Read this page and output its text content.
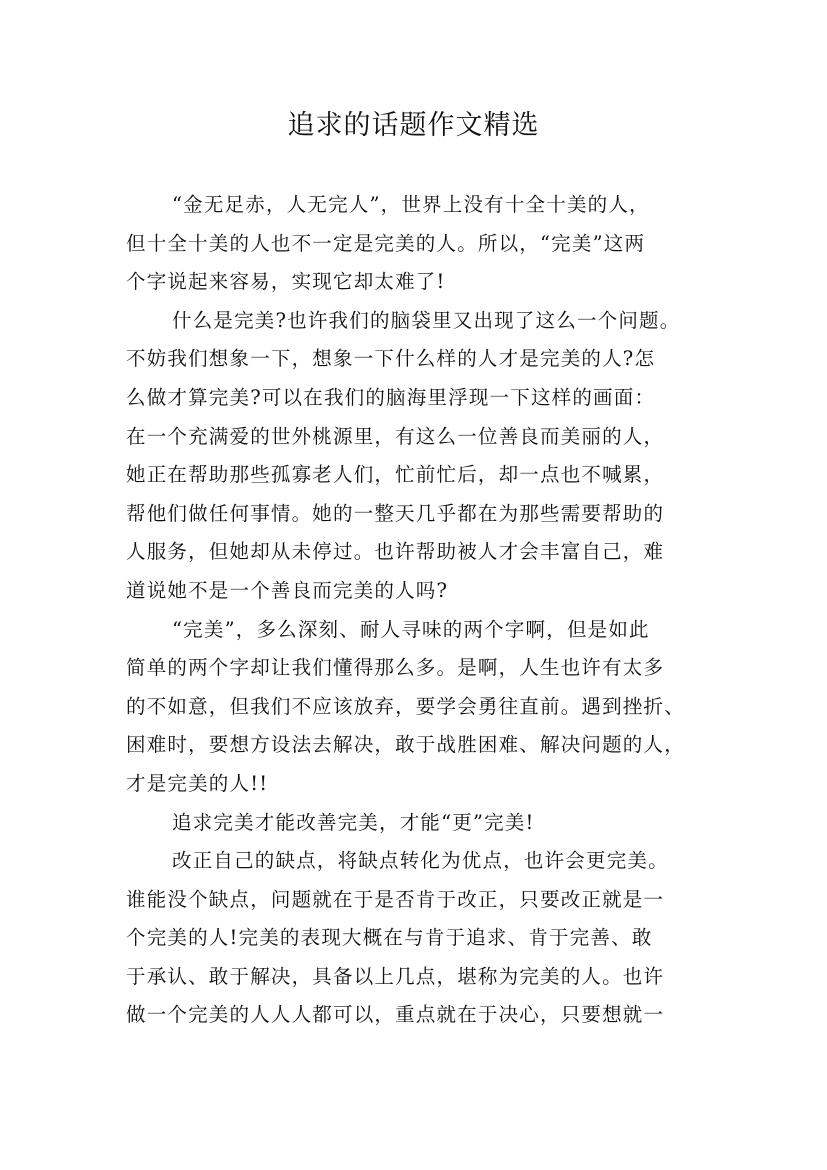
追求的话题作文精选
“金无足赤，人无完人”，世界上没有十全十美的人，
但十全十美的人也不一定是完美的人。所以，“完美”这两
个字说起来容易，实现它却太难了!
什么是完美?也许我们的脑袋里又出现了这么一个问题。
不妨我们想象一下，想象一下什么样的人才是完美的人?怎
么做才算完美?可以在我们的脑海里浮现一下这样的画面：
在一个充满爱的世外桃源里，有这么一位善良而美丽的人，
她正在帮助那些孤寡老人们，忙前忙后，却一点也不喊累，
帮他们做任何事情。她的一整天几乎都在为那些需要帮助的
人服务，但她却从未停过。也许帮助被人才会丰富自己，难
道说她不是一个善良而完美的人吗?
“完美”，多么深刻、耐人寻味的两个字啊，但是如此
简单的两个字却让我们懂得那么多。是啊，人生也许有太多
的不如意，但我们不应该放弃，要学会勇往直前。遇到挫折、
困难时，要想方设法去解决，敢于战胜困难、解决问题的人，
才是完美的人!!
追求完美才能改善完美，才能“更”完美!
改正自己的缺点，将缺点转化为优点，也许会更完美。
谁能没个缺点，问题就在于是否肯于改正，只要改正就是一
个完美的人!完美的表现大概在与肯于追求、肯于完善、敢
于承认、敢于解决，具备以上几点，堪称为完美的人。也许
做一个完美的人人人都可以，重点就在于决心，只要想就一
